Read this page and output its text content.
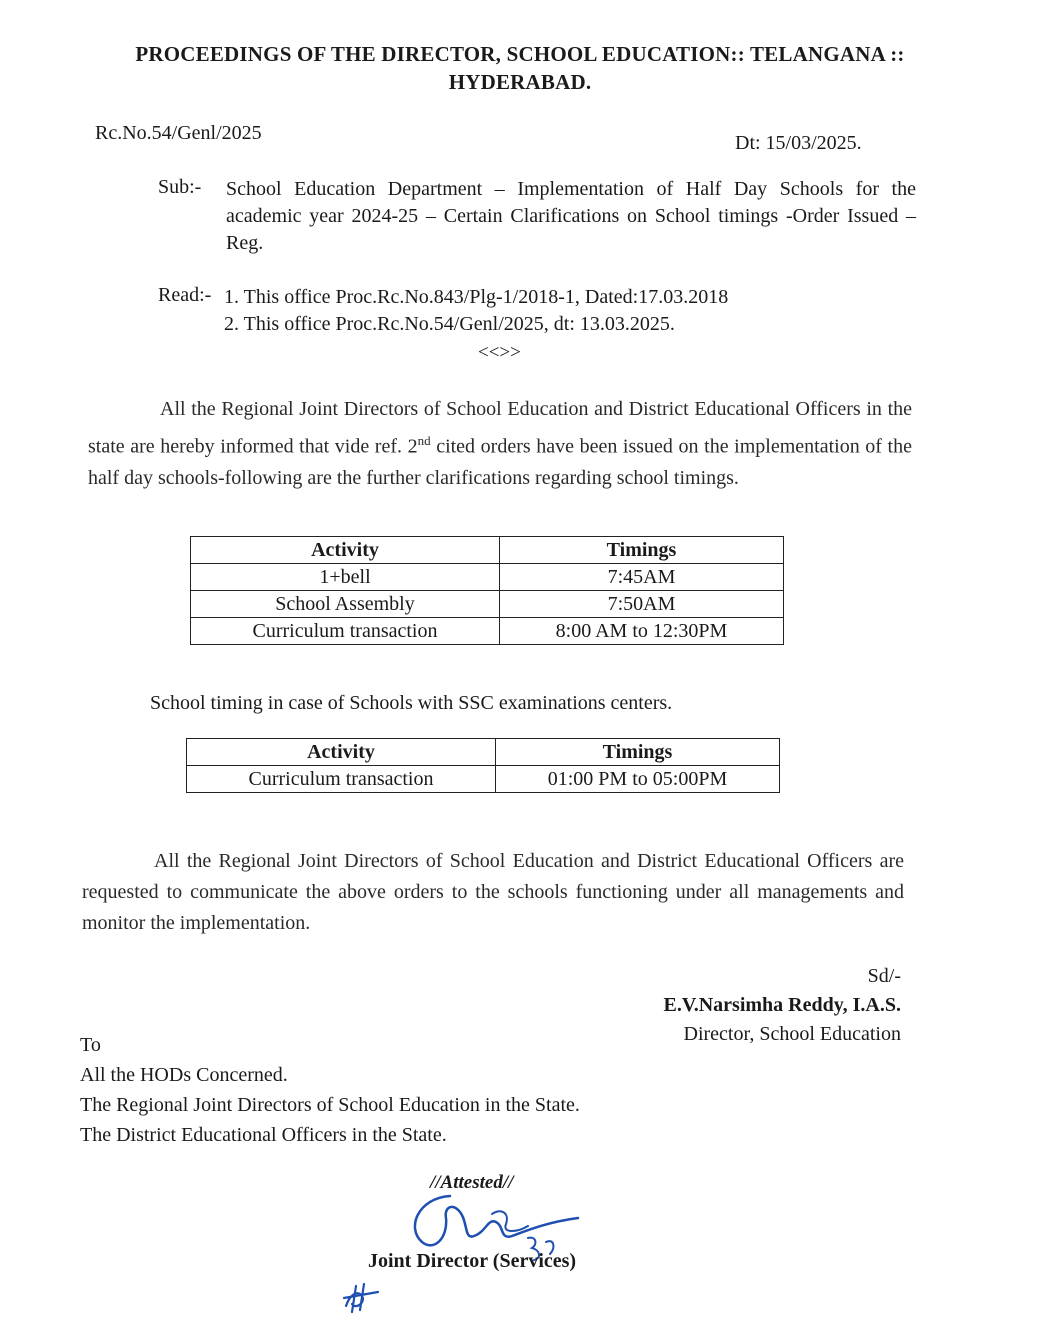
PROCEEDINGS OF THE DIRECTOR, SCHOOL EDUCATION:: TELANGANA ::
HYDERABAD.
Rc.No.54/Genl/2025	Dt: 15/03/2025.
Sub:- School Education Department – Implementation of Half Day Schools for the academic year 2024-25 – Certain Clarifications on School timings -Order Issued – Reg.
Read:- 1. This office Proc.Rc.No.843/Plg-1/2018-1, Dated:17.03.2018
2. This office Proc.Rc.No.54/Genl/2025, dt: 13.03.2025.
<<>>
All the Regional Joint Directors of School Education and District Educational Officers in the state are hereby informed that vide ref. 2nd cited orders have been issued on the implementation of the half day schools-following are the further clarifications regarding school timings.
Activity	Timings
1+bell	7:45AM
School Assembly	7:50AM
Curriculum transaction	8:00 AM to 12:30PM
School timing in case of Schools with SSC examinations centers.
Activity	Timings
Curriculum transaction	01:00 PM to 05:00PM
All the Regional Joint Directors of School Education and District Educational Officers are requested to communicate the above orders to the schools functioning under all managements and monitor the implementation.
Sd/-
E.V.Narsimha Reddy, I.A.S.
Director, School Education
To
All the HODs Concerned.
The Regional Joint Directors of School Education in the State.
The District Educational Officers in the State.
//Attested//
Joint Director (Services)
